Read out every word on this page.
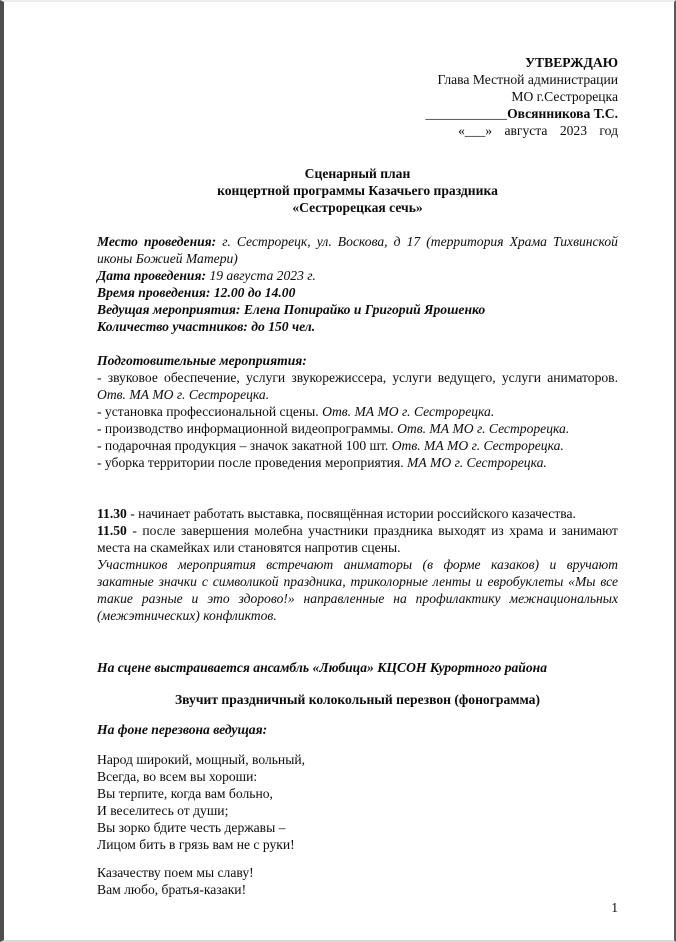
УТВЕРЖДАЮ

Глава Местной администрации

МО г.Сестрорецка

____________Овсянникова Т.С.

«___» августа 2023 год

Сценарный план

концертной программы Казачьего праздника

«Сестрорецкая сечь»

Место проведения: г. Сестрорецк, ул. Воскова, д 17 (территория Храма Тихвинской иконы Божией Матери)

Дата проведения: 19 августа 2023 г.

Время проведения: 12.00 до 14.00

Ведущая мероприятия: Елена Попирайко и Григорий Ярошенко

Количество участников: до 150 чел.

Подготовительные мероприятия:

- звуковое обеспечение, услуги звукорежиссера, услуги ведущего, услуги аниматоров. Отв. МА МО г. Сестрорецка.

- установка профессиональной сцены. Отв. МА МО г. Сестрорецка.

- производство информационной видеопрограммы. Отв. МА МО г. Сестрорецка.

- подарочная продукция – значок закатной 100 шт. Отв. МА МО г. Сестрорецка.

- уборка территории после проведения мероприятия. МА МО г. Сестрорецка.

11.30 - начинает работать выставка, посвящённая истории российского казачества.

11.50 - после завершения молебна участники праздника выходят из храма и занимают места на скамейках или становятся напротив сцены.

Участников мероприятия встречают аниматоры (в форме казаков) и вручают закатные значки с символикой праздника, триколорные ленты и евробуклеты «Мы все такие разные и это здорово!» направленные на профилактику межнациональных (межэтнических) конфликтов.

На сцене выстраивается ансамбль «Любица» КЦСОН Курортного района

Звучит праздничный колокольный перезвон (фонограмма)

На фоне перезвона ведущая:

Народ широкий, мощный, вольный,

Всегда, во всем вы хороши:

Вы терпите, когда вам больно,

И веселитесь от души;

Вы зорко бдите честь державы –

Лицом бить в грязь вам не с руки!

Казачеству поем мы славу!

Вам любо, братья-казаки!

1
